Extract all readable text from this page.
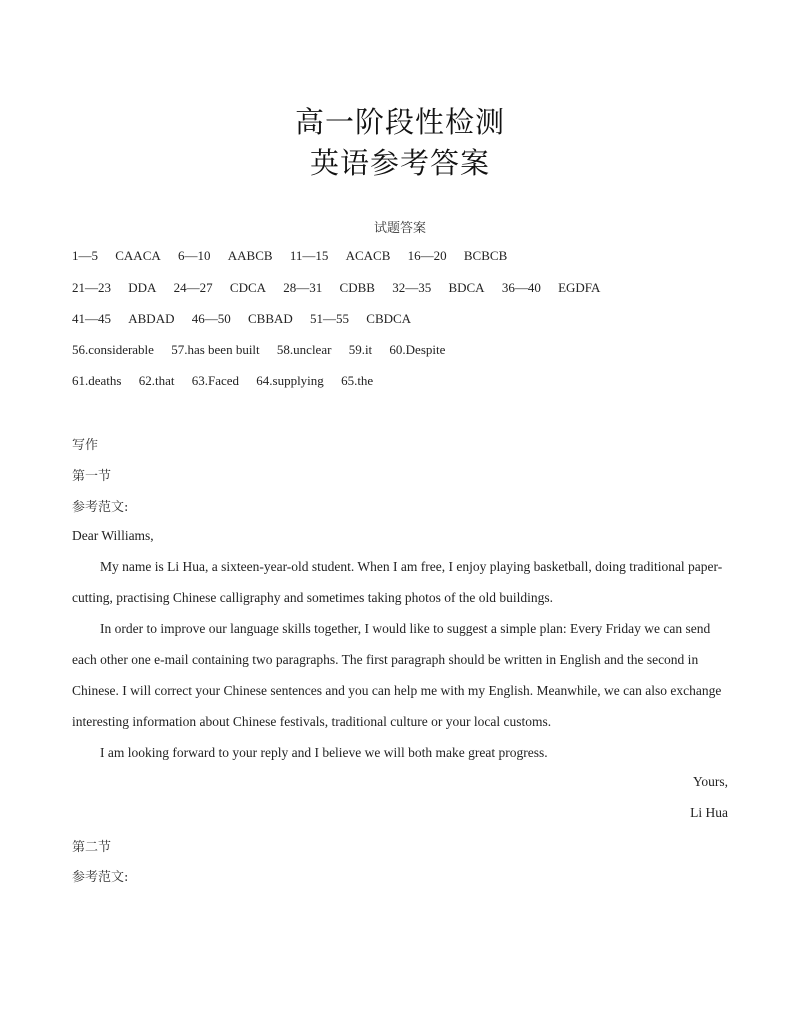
高一阶段性检测
英语参考答案
试题答案
1—5 CAACA 6—10 AABCB 11—15 ACACB 16—20 BCBCB
21—23 DDA 24—27 CDCA 28—31 CDBB 32—35 BDCA 36—40 EGDFA
41—45 ABDAD 46—50 CBBAD 51—55 CBDCA
56.considerable 57.has been built 58.unclear 59.it 60.Despite
61.deaths 62.that 63.Faced 64.supplying 65.the
写作
第一节
参考范文:

Dear Williams,

My name is Li Hua, a sixteen-year-old student. When I am free, I enjoy playing basketball, doing traditional paper-cutting, practising Chinese calligraphy and sometimes taking photos of the old buildings.

In order to improve our language skills together, I would like to suggest a simple plan: Every Friday we can send each other one e-mail containing two paragraphs. The first paragraph should be written in English and the second in Chinese. I will correct your Chinese sentences and you can help me with my English. Meanwhile, we can also exchange interesting information about Chinese festivals, traditional culture or your local customs.

I am looking forward to your reply and I believe we will both make great progress.

Yours,
Li Hua
第二节
参考范文:
